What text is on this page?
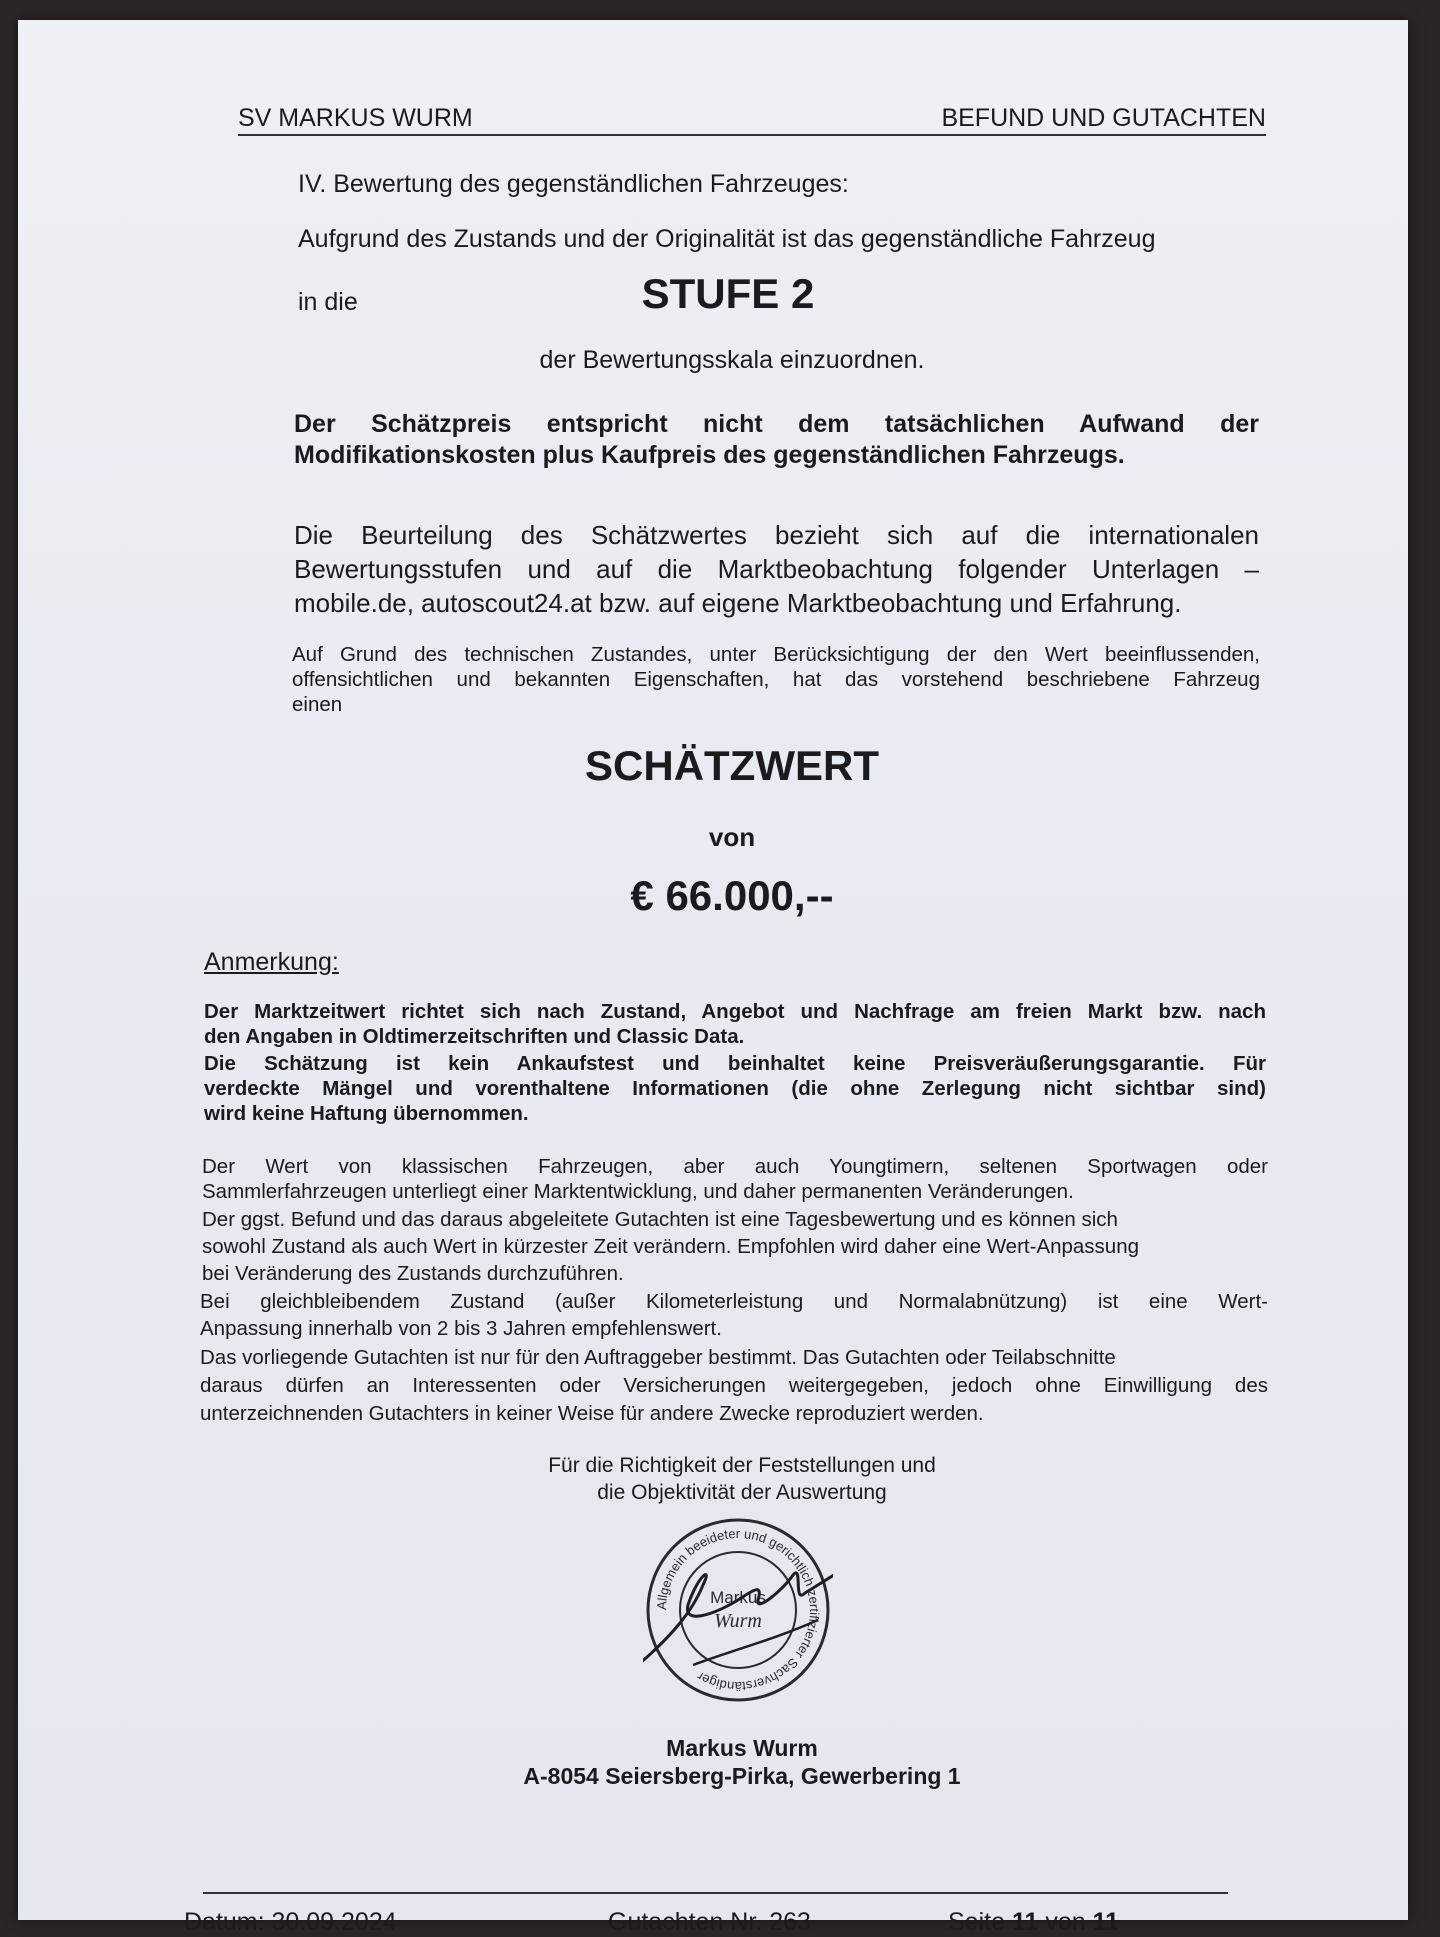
SV MARKUS WURM	BEFUND UND GUTACHTEN
IV. Bewertung des gegenständlichen Fahrzeuges:
Aufgrund des Zustands und der Originalität ist das gegenständliche Fahrzeug
in die	STUFE 2
der Bewertungsskala einzuordnen.
Der Schätzpreis entspricht nicht dem tatsächlichen Aufwand der
Modifikationskosten plus Kaufpreis des gegenständlichen Fahrzeugs.
Die Beurteilung des Schätzwertes bezieht sich auf die internationalen
Bewertungsstufen und auf die Marktbeobachtung folgender Unterlagen –
mobile.de, autoscout24.at bzw. auf eigene Marktbeobachtung und Erfahrung.
Auf Grund des technischen Zustandes, unter Berücksichtigung der den Wert beeinflussenden,
offensichtlichen und bekannten Eigenschaften, hat das vorstehend beschriebene Fahrzeug
einen
SCHÄTZWERT
von
€ 66.000,--
Anmerkung:
Der Marktzeitwert richtet sich nach Zustand, Angebot und Nachfrage am freien Markt bzw. nach
den Angaben in Oldtimerzeitschriften und Classic Data.
Die Schätzung ist kein Ankaufstest und beinhaltet keine Preisveräußerungsgarantie. Für
verdeckte Mängel und vorenthaltene Informationen (die ohne Zerlegung nicht sichtbar sind)
wird keine Haftung übernommen.
Der Wert von klassischen Fahrzeugen, aber auch Youngtimern, seltenen Sportwagen oder
Sammlerfahrzeugen unterliegt einer Marktentwicklung, und daher permanenten Veränderungen.
Der ggst. Befund und das daraus abgeleitete Gutachten ist eine Tagesbewertung und es können sich
sowohl Zustand als auch Wert in kürzester Zeit verändern. Empfohlen wird daher eine Wert-Anpassung
bei Veränderung des Zustands durchzuführen.
Bei gleichbleibendem Zustand (außer Kilometerleistung und Normalabnützung) ist eine Wert-
Anpassung innerhalb von 2 bis 3 Jahren empfehlenswert.
Das vorliegende Gutachten ist nur für den Auftraggeber bestimmt. Das Gutachten oder Teilabschnitte
daraus dürfen an Interessenten oder Versicherungen weitergegeben, jedoch ohne Einwilligung des
unterzeichnenden Gutachters in keiner Weise für andere Zwecke reproduziert werden.
Für die Richtigkeit der Feststellungen und
die Objektivität der Auswertung
Allgemein beeideter und gerichtlich zertifizierter Sachverständiger
Markus
Wurm
Markus Wurm
A-8054 Seiersberg-Pirka, Gewerbering 1
Datum: 30.09.2024	Gutachten Nr. 263	Seite 11 von 11
